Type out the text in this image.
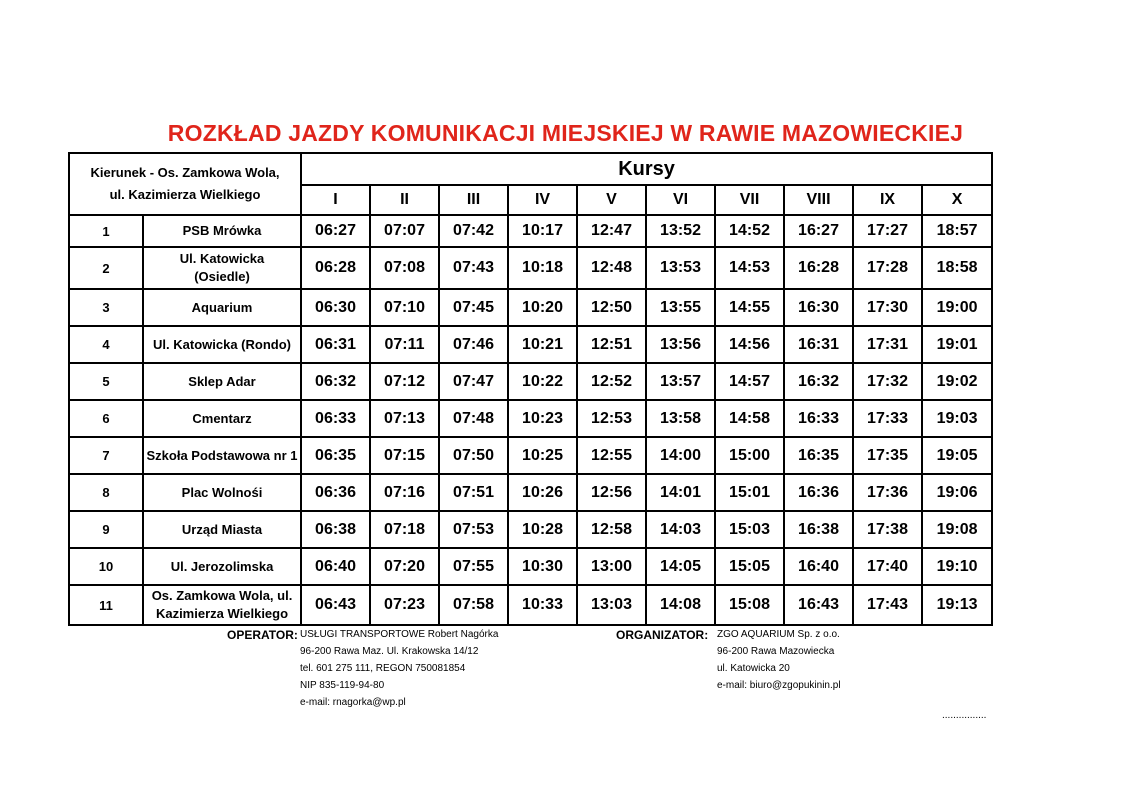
ROZKŁAD JAZDY KOMUNIKACJI MIEJSKIEJ W RAWIE MAZOWIECKIEJ
Kierunek - Os. Zamkowa Wola,
ul. Kazimierza Wielkiego		Kursy									
		I	II	III	IV	V	VI	VII	VIII	IX	X
1	PSB Mrówka	06:27	07:07	07:42	10:17	12:47	13:52	14:52	16:27	17:27	18:57
2	Ul. Katowicka
(Osiedle)	06:28	07:08	07:43	10:18	12:48	13:53	14:53	16:28	17:28	18:58
3	Aquarium	06:30	07:10	07:45	10:20	12:50	13:55	14:55	16:30	17:30	19:00
4	Ul. Katowicka (Rondo)	06:31	07:11	07:46	10:21	12:51	13:56	14:56	16:31	17:31	19:01
5	Sklep Adar	06:32	07:12	07:47	10:22	12:52	13:57	14:57	16:32	17:32	19:02
6	Cmentarz	06:33	07:13	07:48	10:23	12:53	13:58	14:58	16:33	17:33	19:03
7	Szkoła Podstawowa nr 1	06:35	07:15	07:50	10:25	12:55	14:00	15:00	16:35	17:35	19:05
8	Plac Wolnośi	06:36	07:16	07:51	10:26	12:56	14:01	15:01	16:36	17:36	19:06
9	Urząd Miasta	06:38	07:18	07:53	10:28	12:58	14:03	15:03	16:38	17:38	19:08
10	Ul. Jerozolimska	06:40	07:20	07:55	10:30	13:00	14:05	15:05	16:40	17:40	19:10
11	Os. Zamkowa Wola, ul.
Kazimierza Wielkiego	06:43	07:23	07:58	10:33	13:03	14:08	15:08	16:43	17:43	19:13
OPERATOR: USŁUGI TRANSPORTOWE Robert Nagórka
96-200 Rawa Maz. Ul. Krakowska 14/12
tel. 601 275 111, REGON 750081854
NIP 835-119-94-80
e-mail: rnagorka@wp.pl
ORGANIZATOR: ZGO AQUARIUM Sp. z o.o.
96-200 Rawa Mazowiecka
ul. Katowicka 20
e-mail: biuro@zgopukinin.pl
................
